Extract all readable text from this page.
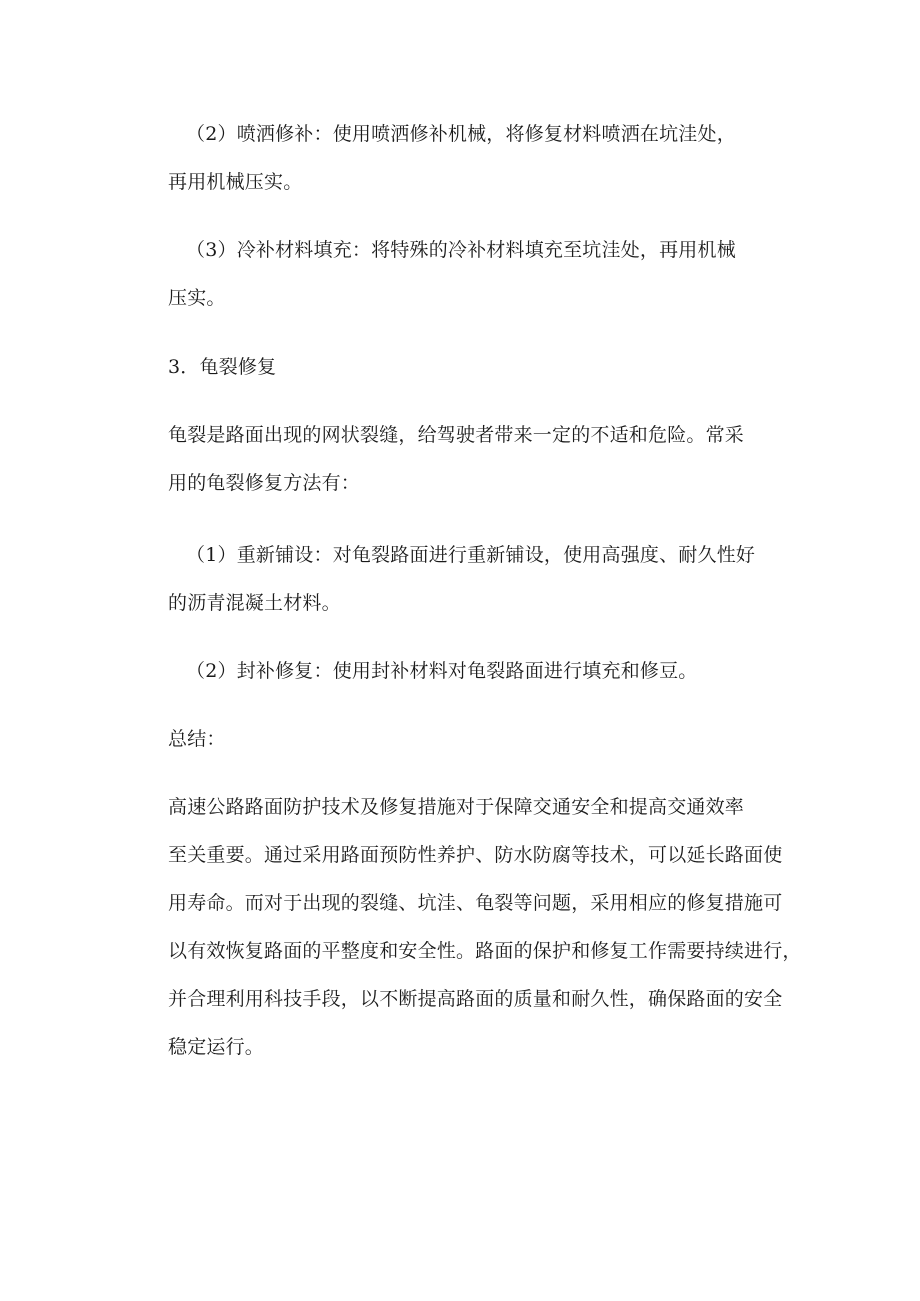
（2）喷洒修补：使用喷洒修补机械，将修复材料喷洒在坑洼处，
再用机械压实。
（3）冷补材料填充：将特殊的冷补材料填充至坑洼处，再用机械
压实。
3．龟裂修复
龟裂是路面出现的网状裂缝，给驾驶者带来一定的不适和危险。常采
用的龟裂修复方法有：
（1）重新铺设：对龟裂路面进行重新铺设，使用高强度、耐久性好
的沥青混凝土材料。
（2）封补修复：使用封补材料对龟裂路面进行填充和修豆。
总结：
高速公路路面防护技术及修复措施对于保障交通安全和提高交通效率
至关重要。通过采用路面预防性养护、防水防腐等技术，可以延长路面使
用寿命。而对于出现的裂缝、坑洼、龟裂等问题，采用相应的修复措施可
以有效恢复路面的平整度和安全性。路面的保护和修复工作需要持续进行，
并合理利用科技手段，以不断提高路面的质量和耐久性，确保路面的安全
稳定运行。
